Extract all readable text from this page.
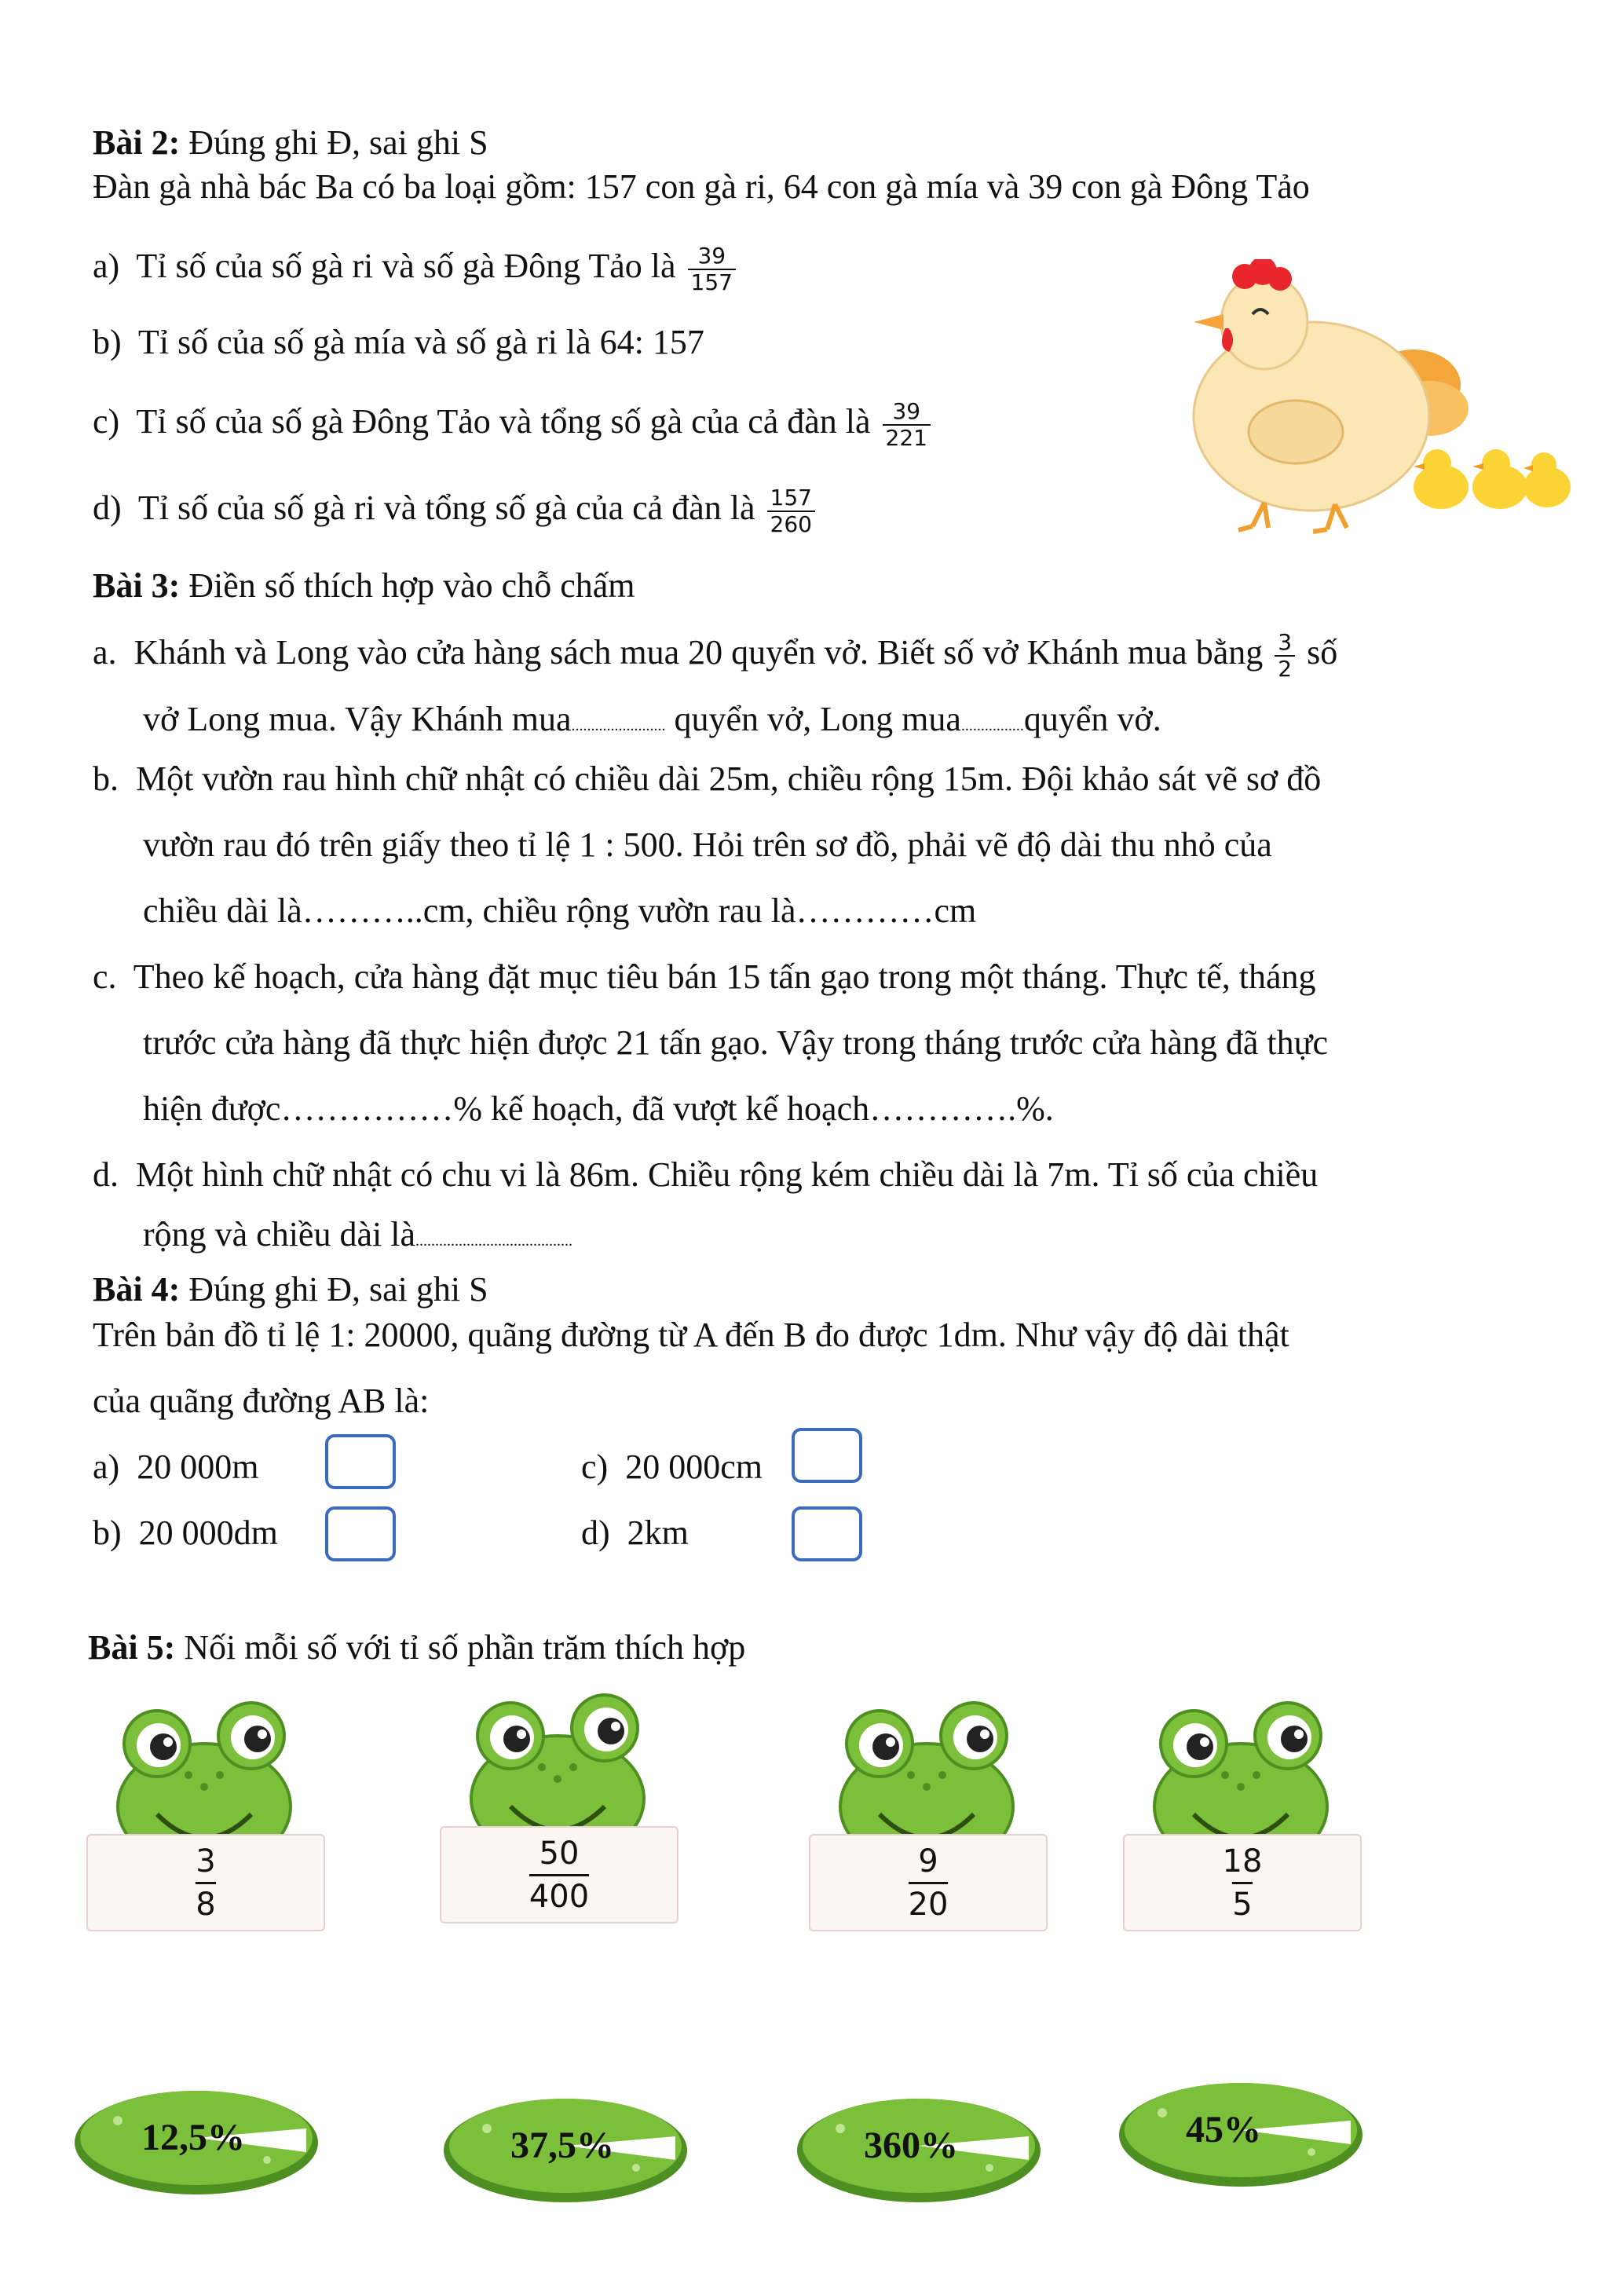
Bài 2: Đúng ghi Đ, sai ghi S
Đàn gà nhà bác Ba có ba loại gồm: 157 con gà ri, 64 con gà mía và 39 con gà Đông Tảo
a) Tỉ số của số gà ri và số gà Đông Tảo là $\frac{39}{157}$
b) Tỉ số của số gà mía và số gà ri là 64: 157
c) Tỉ số của số gà Đông Tảo và tổng số gà của cả đàn là $\frac{39}{221}$
d) Tỉ số của số gà ri và tổng số gà của cả đàn là $\frac{157}{260}$
Bài 3: Điền số thích hợp vào chỗ chấm
a. Khánh và Long vào cửa hàng sách mua 20 quyển vở. Biết số vở Khánh mua bằng $\frac{3}{2}$ số
vở Long mua. Vậy Khánh mua........................ quyển vở, Long mua................quyển vở.
b. Một vườn rau hình chữ nhật có chiều dài 25m, chiều rộng 15m. Đội khảo sát vẽ sơ đồ
vườn rau đó trên giấy theo tỉ lệ 1 : 500. Hỏi trên sơ đồ, phải vẽ độ dài thu nhỏ của
chiều dài là………..cm, chiều rộng vườn rau là…………cm
c. Theo kế hoạch, cửa hàng đặt mục tiêu bán 15 tấn gạo trong một tháng. Thực tế, tháng
trước cửa hàng đã thực hiện được 21 tấn gạo. Vậy trong tháng trước cửa hàng đã thực
hiện được……………% kế hoạch, đã vượt kế hoạch………….%.
d. Một hình chữ nhật có chu vi là 86m. Chiều rộng kém chiều dài là 7m. Tỉ số của chiều
rộng và chiều dài là........................................
Bài 4: Đúng ghi Đ, sai ghi S
Trên bản đồ tỉ lệ 1: 20000, quãng đường từ A đến B đo được 1dm. Như vậy độ dài thật
của quãng đường AB là:
a) 20 000m	c) 20 000cm
b) 20 000dm	d) 2km
Bài 5: Nối mỗi số với tỉ số phần trăm thích hợp
$\frac{3}{8}$	$\frac{50}{400}$	$\frac{9}{20}$	$\frac{18}{5}$
12,5%	37,5%	360%	45%
